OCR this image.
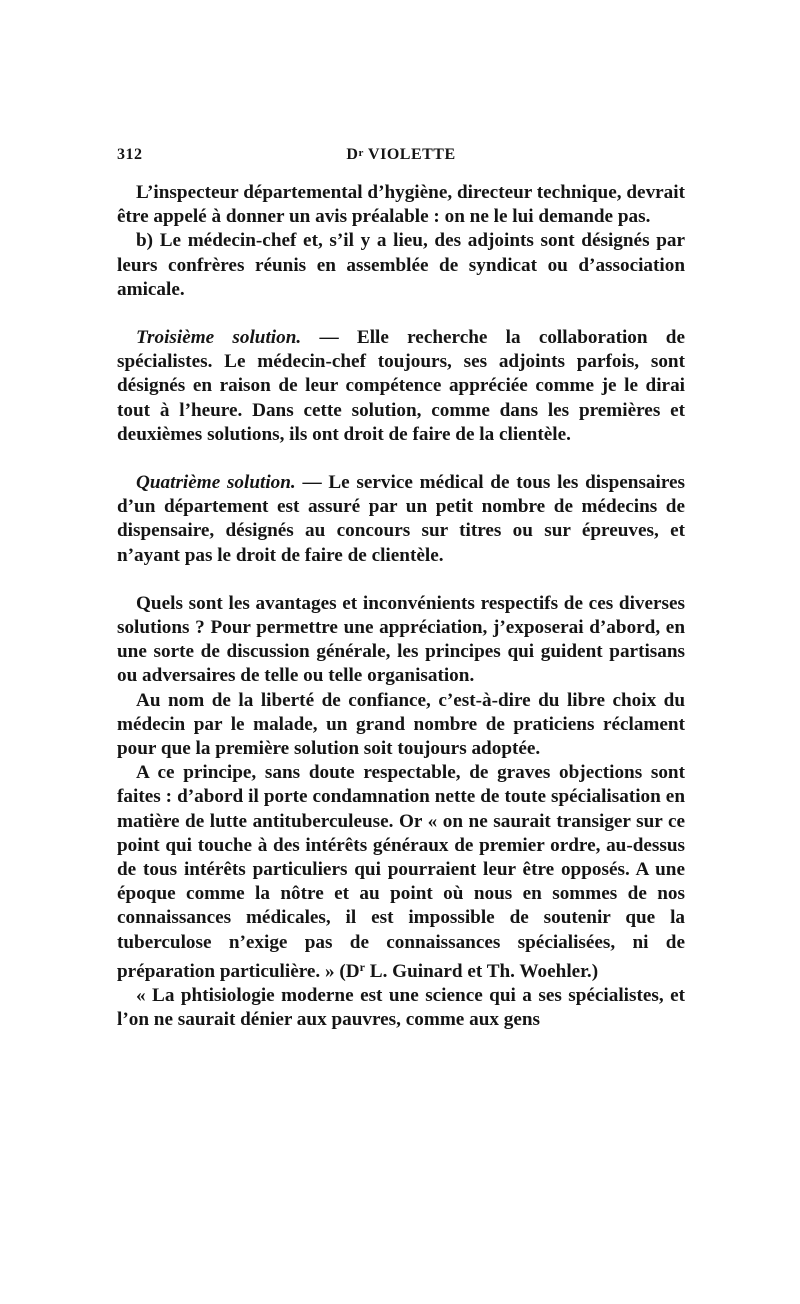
312	$D^r$ VIOLETTE

L’inspecteur départemental d’hygiène, directeur technique, devrait être appelé à donner un avis préalable : on ne le lui demande pas.

b) Le médecin-chef et, s’il y a lieu, des adjoints sont désignés par leurs confrères réunis en assemblée de syndicat ou d’association amicale.

Troisième solution. — Elle recherche la collaboration de spécialistes. Le médecin-chef toujours, ses adjoints parfois, sont désignés en raison de leur compétence appréciée comme je le dirai tout à l’heure. Dans cette solution, comme dans les premières et deuxièmes solutions, ils ont droit de faire de la clientèle.

Quatrième solution. — Le service médical de tous les dispensaires d’un département est assuré par un petit nombre de médecins de dispensaire, désignés au concours sur titres ou sur épreuves, et n’ayant pas le droit de faire de clientèle.

Quels sont les avantages et inconvénients respectifs de ces diverses solutions ? Pour permettre une appréciation, j’exposerai d’abord, en une sorte de discussion générale, les principes qui guident partisans ou adversaires de telle ou telle organisation.

Au nom de la liberté de confiance, c’est-à-dire du libre choix du médecin par le malade, un grand nombre de praticiens réclament pour que la première solution soit toujours adoptée.

A ce principe, sans doute respectable, de graves objections sont faites : d’abord il porte condamnation nette de toute spécialisation en matière de lutte antituberculeuse. Or « on ne saurait transiger sur ce point qui touche à des intérêts généraux de premier ordre, au-dessus de tous intérêts particuliers qui pourraient leur être opposés. A une époque comme la nôtre et au point où nous en sommes de nos connaissances médicales, il est impossible de soutenir que la tuberculose n’exige pas de connaissances spécialisées, ni de préparation particulière. » ($D^r$ L. Guinard et Th. Woehler.)

« La phtisiologie moderne est une science qui a ses spécialistes, et l’on ne saurait dénier aux pauvres, comme aux gens
